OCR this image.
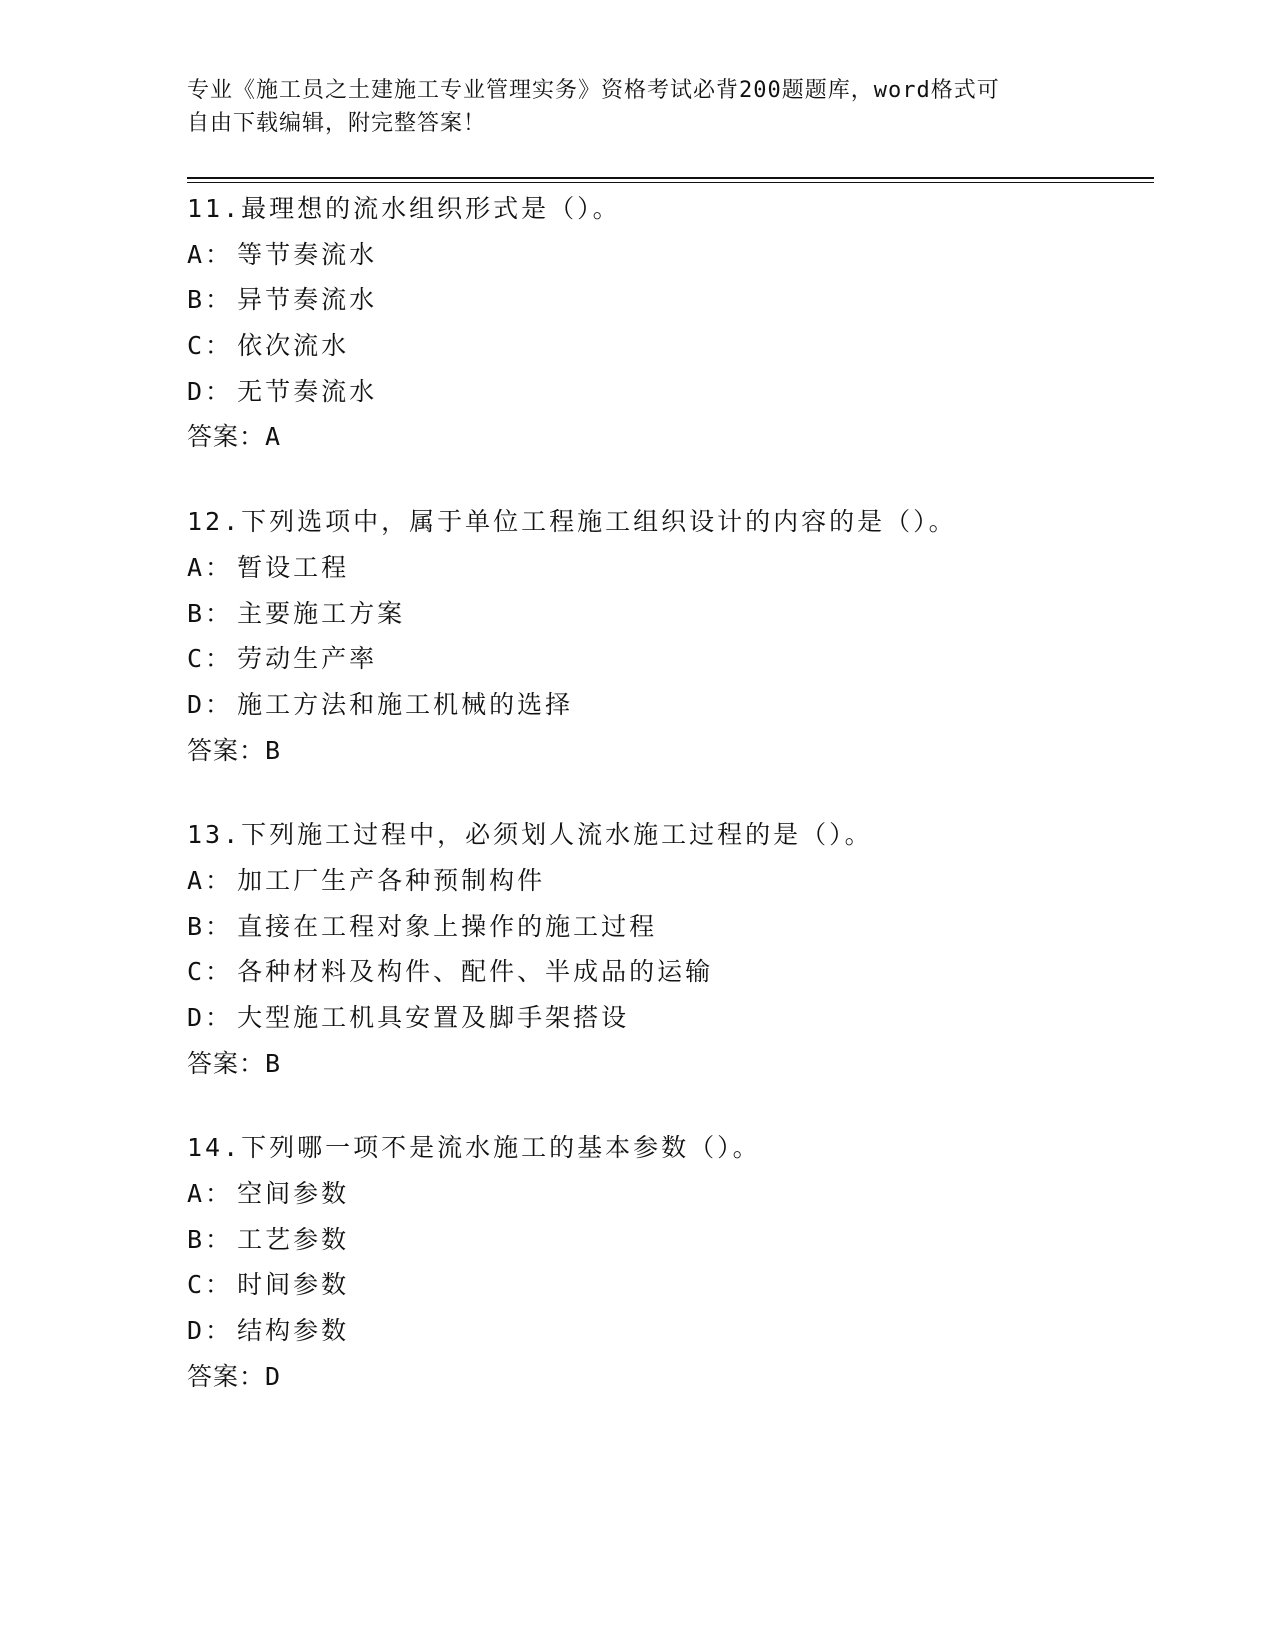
专业《施工员之土建施工专业管理实务》资格考试必背200题题库，word格式可
自由下载编辑，附完整答案！
11.最理想的流水组织形式是（）。
A： 等节奏流水
B： 异节奏流水
C： 依次流水
D： 无节奏流水
答案：A
12.下列选项中，属于单位工程施工组织设计的内容的是（）。
A： 暂设工程
B： 主要施工方案
C： 劳动生产率
D： 施工方法和施工机械的选择
答案：B
13.下列施工过程中，必须划人流水施工过程的是（）。
A： 加工厂生产各种预制构件
B： 直接在工程对象上操作的施工过程
C： 各种材料及构件、配件、半成品的运输
D： 大型施工机具安置及脚手架搭设
答案：B
14.下列哪一项不是流水施工的基本参数（）。
A： 空间参数
B： 工艺参数
C： 时间参数
D： 结构参数
答案：D
